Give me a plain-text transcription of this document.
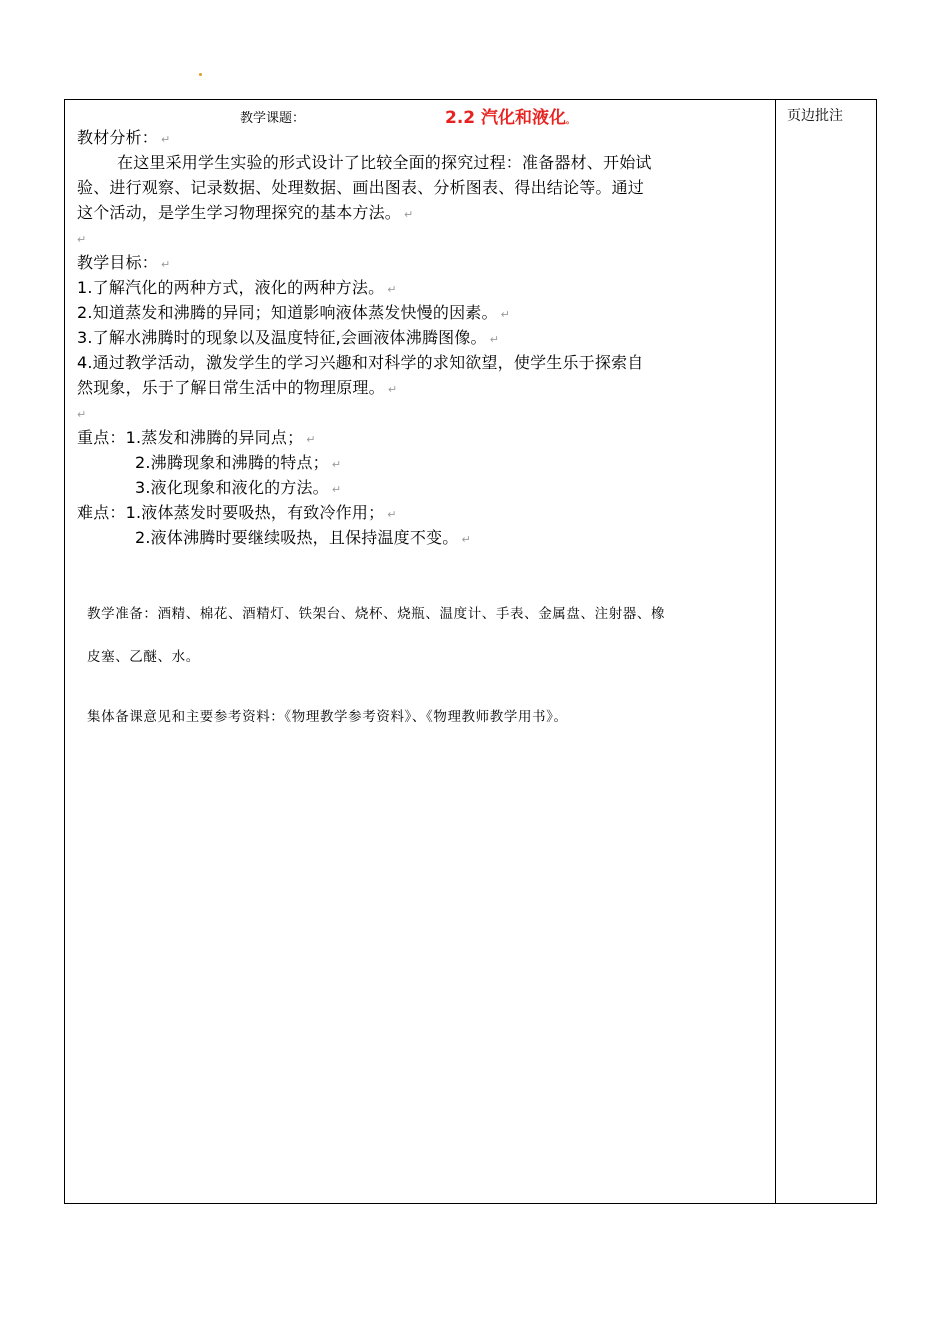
页边批注
教学课题：	2.2 汽化和液化。
教材分析： ↵
在这里采用学生实验的形式设计了比较全面的探究过程：准备器材、开始试
验、进行观察、记录数据、处理数据、画出图表、分析图表、得出结论等。通过
这个活动，是学生学习物理探究的基本方法。 ↵
↵
教学目标： ↵
1.了解汽化的两种方式，液化的两种方法。 ↵
2.知道蒸发和沸腾的异同；知道影响液体蒸发快慢的因素。 ↵
3.了解水沸腾时的现象以及温度特征,会画液体沸腾图像。 ↵
4.通过教学活动，激发学生的学习兴趣和对科学的求知欲望，使学生乐于探索自
然现象，乐于了解日常生活中的物理原理。 ↵
↵
重点：1.蒸发和沸腾的异同点； ↵
2.沸腾现象和沸腾的特点； ↵
3.液化现象和液化的方法。 ↵
难点：1.液体蒸发时要吸热，有致冷作用； ↵
2.液体沸腾时要继续吸热，且保持温度不变。 ↵
教学准备：酒精、棉花、酒精灯、铁架台、烧杯、烧瓶、温度计、手表、金属盘、注射器、橡
皮塞、乙醚、水。
集体备课意见和主要参考资料：《物理教学参考资料》、《物理教师教学用书》。
